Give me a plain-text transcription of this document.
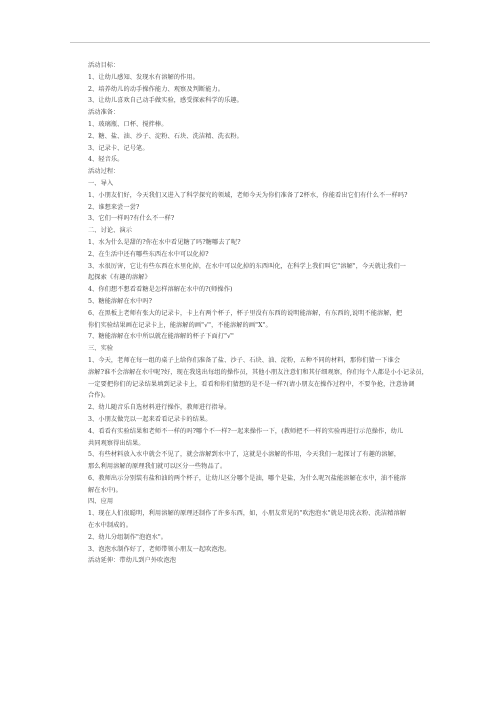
活动目标：
1、让幼儿感知、发现水有溶解的作用。
2、培养幼儿的动手操作能力、观察及判断能力。
3、让幼儿喜欢自己动手做实验，感受探索科学的乐趣。
活动准备：
1、玻璃瓶、口杯、搅拌棒。
2、糖、盐、油、沙子、淀粉、石块、洗洁精、洗衣粉。
3、记录卡、记号笔。
4、轻音乐。
活动过程：
一、导入
1、小朋友们好，今天我们又进入了科学探究的领域，老师今天为你们准备了2杯水，你能看出它们有什么不一样吗?
2、谁想来尝一尝?
3、它们一样吗?有什么不一样?
二、讨论、演示
1、水为什么是甜的?你在水中看见糖了吗?糖哪去了呢?
2、在生活中还有哪些东西在水中可以化掉?
3、水很厉害，它让有些东西在水里化掉，在水中可以化掉的东西叫化，在科学上我们叫它"溶解"，今天就让我们一
起探索《有趣的溶解》
4、你们想不想看看糖是怎样溶解在水中的?(师操作)
5、糖能溶解在水中吗?
6、在黑板上老师有张大的记录卡，卡上有两个杯子，杯子里没有东西的说明能溶解，有东西的,说明不能溶解，把
你们实验结果画在记录卡上，能溶解的画"√"，不能溶解的画"X"。
7、糖能溶解在水中所以就在能溶解的杯子下面打"√"
三、实验
1、今天，老师在每一组的桌子上给你们准备了盐、沙子、石块、油、淀粉，五种不同的材料，那你们猜一下谁会
溶解?谁不会溶解在水中呢?好，现在我选出每组的操作员，其他小朋友注意们和其仔细观察，你们每个人都是小小记录员，
一定要把你们的记录结果填到记录卡上，看看和你们猜想的是不是一样?(请小朋友在操作过程中，不要争抢，注意协调
合作)。
2、幼儿随音乐自选材料进行操作，教师进行指导。
3、小朋友做完以一起来看看记录卡的结果。
4、看看有实验结果和老师不一样的吗?哪个不一样?一起来操作一下，(教师把不一样的实验再进行示范操作，幼儿
共同观察得出结果。
5、有些材料放入水中就会不见了，就会溶解到水中了，这就是小溶解的作用，今天我们一起探讨了有趣的溶解，
那么利用溶解的原理我们就可以区分一些物品了。
6、教师出示分别装有盐和油的两个杯子，让幼儿区分哪个是油，哪个是盐，为什么呢?(盐能溶解在水中，油不能溶
解在水中)。
四、应用
1、现在人们很聪明，利用溶解的原理还制作了许多东西，如，小朋友常见的"吹泡泡水"就是用洗衣粉、洗洁精溶解
在水中制成的。
2、幼儿分组制作"泡泡水"。
3、泡泡水制作好了，老师带领小朋友一起吹泡泡。
活动延伸：带幼儿到户外吹泡泡
